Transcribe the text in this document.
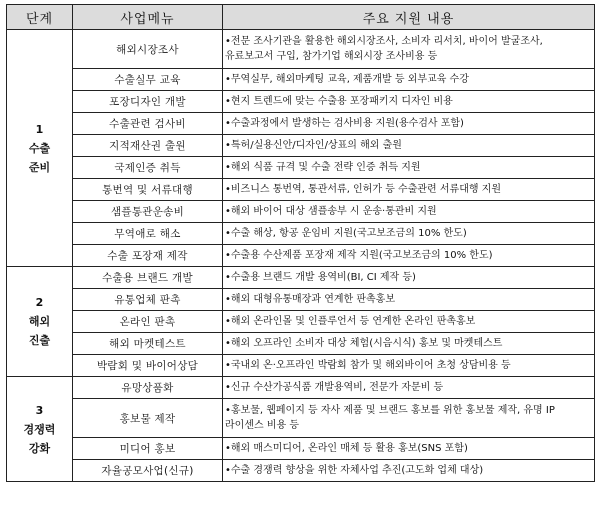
단계	사업메뉴	주요 지원 내용

1
수출
준비	해외시장조사	•전문 조사기관을 활용한 해외시장조사, 소비자 리서치, 바이어 발굴조사, 유료보고서 구입, 참가기업 해외시장 조사비용 등
	수출실무 교육	•무역실무, 해외마케팅 교육, 제품개발 등 외부교육 수강
	포장디자인 개발	•현지 트렌드에 맞는 수출용 포장패키지 디자인 비용
	수출관련 검사비	•수출과정에서 발생하는 검사비용 지원(용수검사 포함)
	지적재산권 출원	•특허/실용신안/디자인/상표의 해외 출원
	국제인증 취득	•해외 식품 규격 및 수출 전략 인증 취득 지원
	통번역 및 서류대행	•비즈니스 통번역, 통관서류, 인허가 등 수출관련 서류대행 지원
	샘플통관운송비	•해외 바이어 대상 샘플송부 시 운송·통관비 지원
	무역애로 해소	•수출 해상, 항공 운임비 지원(국고보조금의 10% 한도)
	수출 포장재 제작	•수출용 수산제품 포장재 제작 지원(국고보조금의 10% 한도)

2
해외
진출	수출용 브랜드 개발	•수출용 브랜드 개발 용역비(BI, CI 제작 등)
	유통업체 판촉	•해외 대형유통매장과 연계한 판촉홍보
	온라인 판촉	•해외 온라인몰 및 인플루언서 등 연계한 온라인 판촉홍보
	해외 마켓테스트	•해외 오프라인 소비자 대상 체험(시음시식) 홍보 및 마켓테스트
	박람회 및 바이어상담	•국내외 온·오프라인 박람회 참가 및 해외바이어 초청 상담비용 등

3
경쟁력
강화	유망상품화	•신규 수산가공식품 개발용역비, 전문가 자문비 등
	홍보물 제작	•홍보물, 웹페이지 등 자사 제품 및 브랜드 홍보를 위한 홍보물 제작, 유명 IP 라이센스 비용 등
	미디어 홍보	•해외 매스미디어, 온라인 매체 등 활용 홍보(SNS 포함)
	자율공모사업(신규)	•수출 경쟁력 향상을 위한 자체사업 추진(고도화 업체 대상)
